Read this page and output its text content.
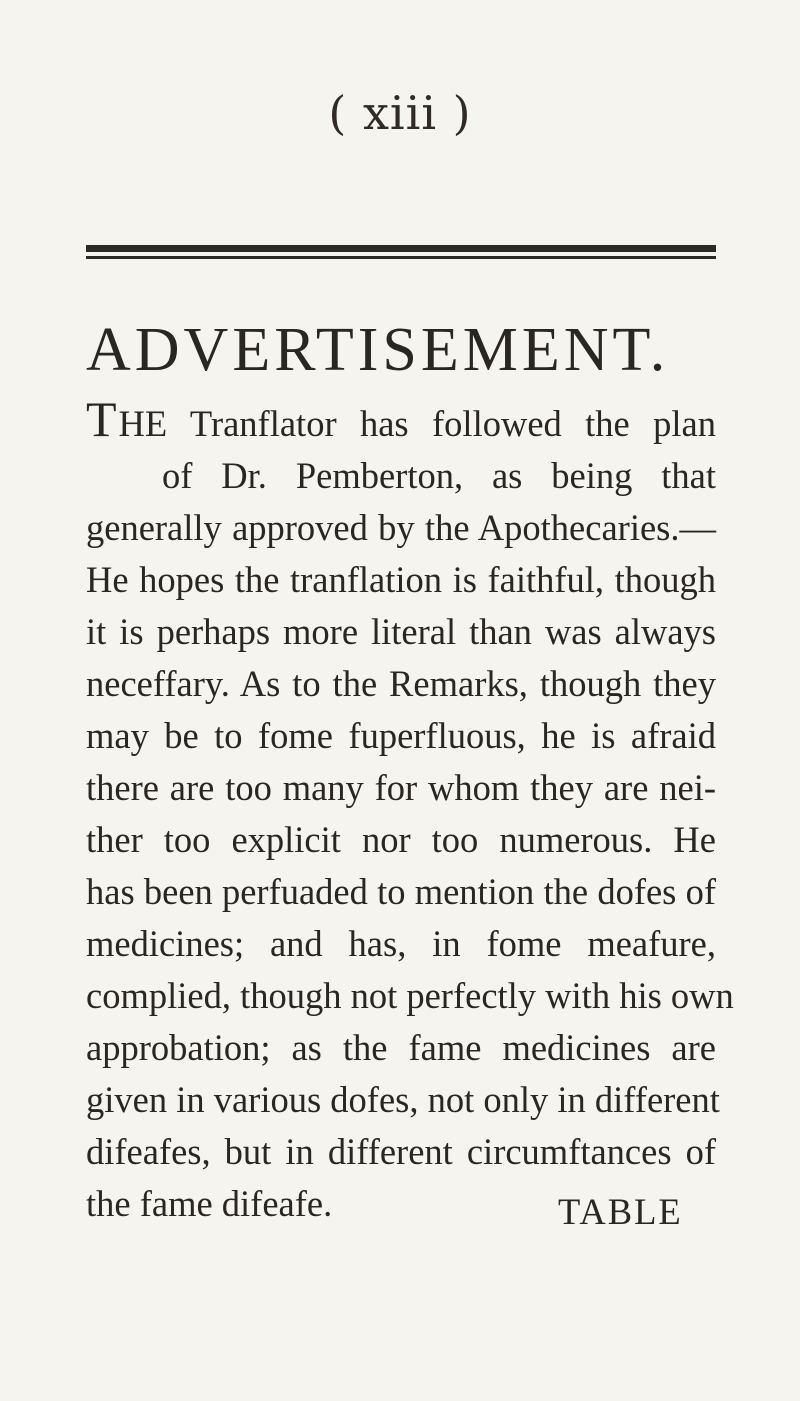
( xiii )
ADVERTISEMENT.
THE Tranflator has followed the plan
of Dr. Pemberton, as being that
generally approved by the Apothecaries.—
He hopes the tranflation is faithful, though
it is perhaps more literal than was always
neceffary. As to the Remarks, though they
may be to fome fuperfluous, he is afraid
there are too many for whom they are nei-
ther too explicit nor too numerous. He
has been perfuaded to mention the dofes of
medicines; and has, in fome meafure,
complied, though not perfectly with his own
approbation; as the fame medicines are
given in various dofes, not only in different
difeafes, but in different circumftances of
the fame difeafe.	TABLE
